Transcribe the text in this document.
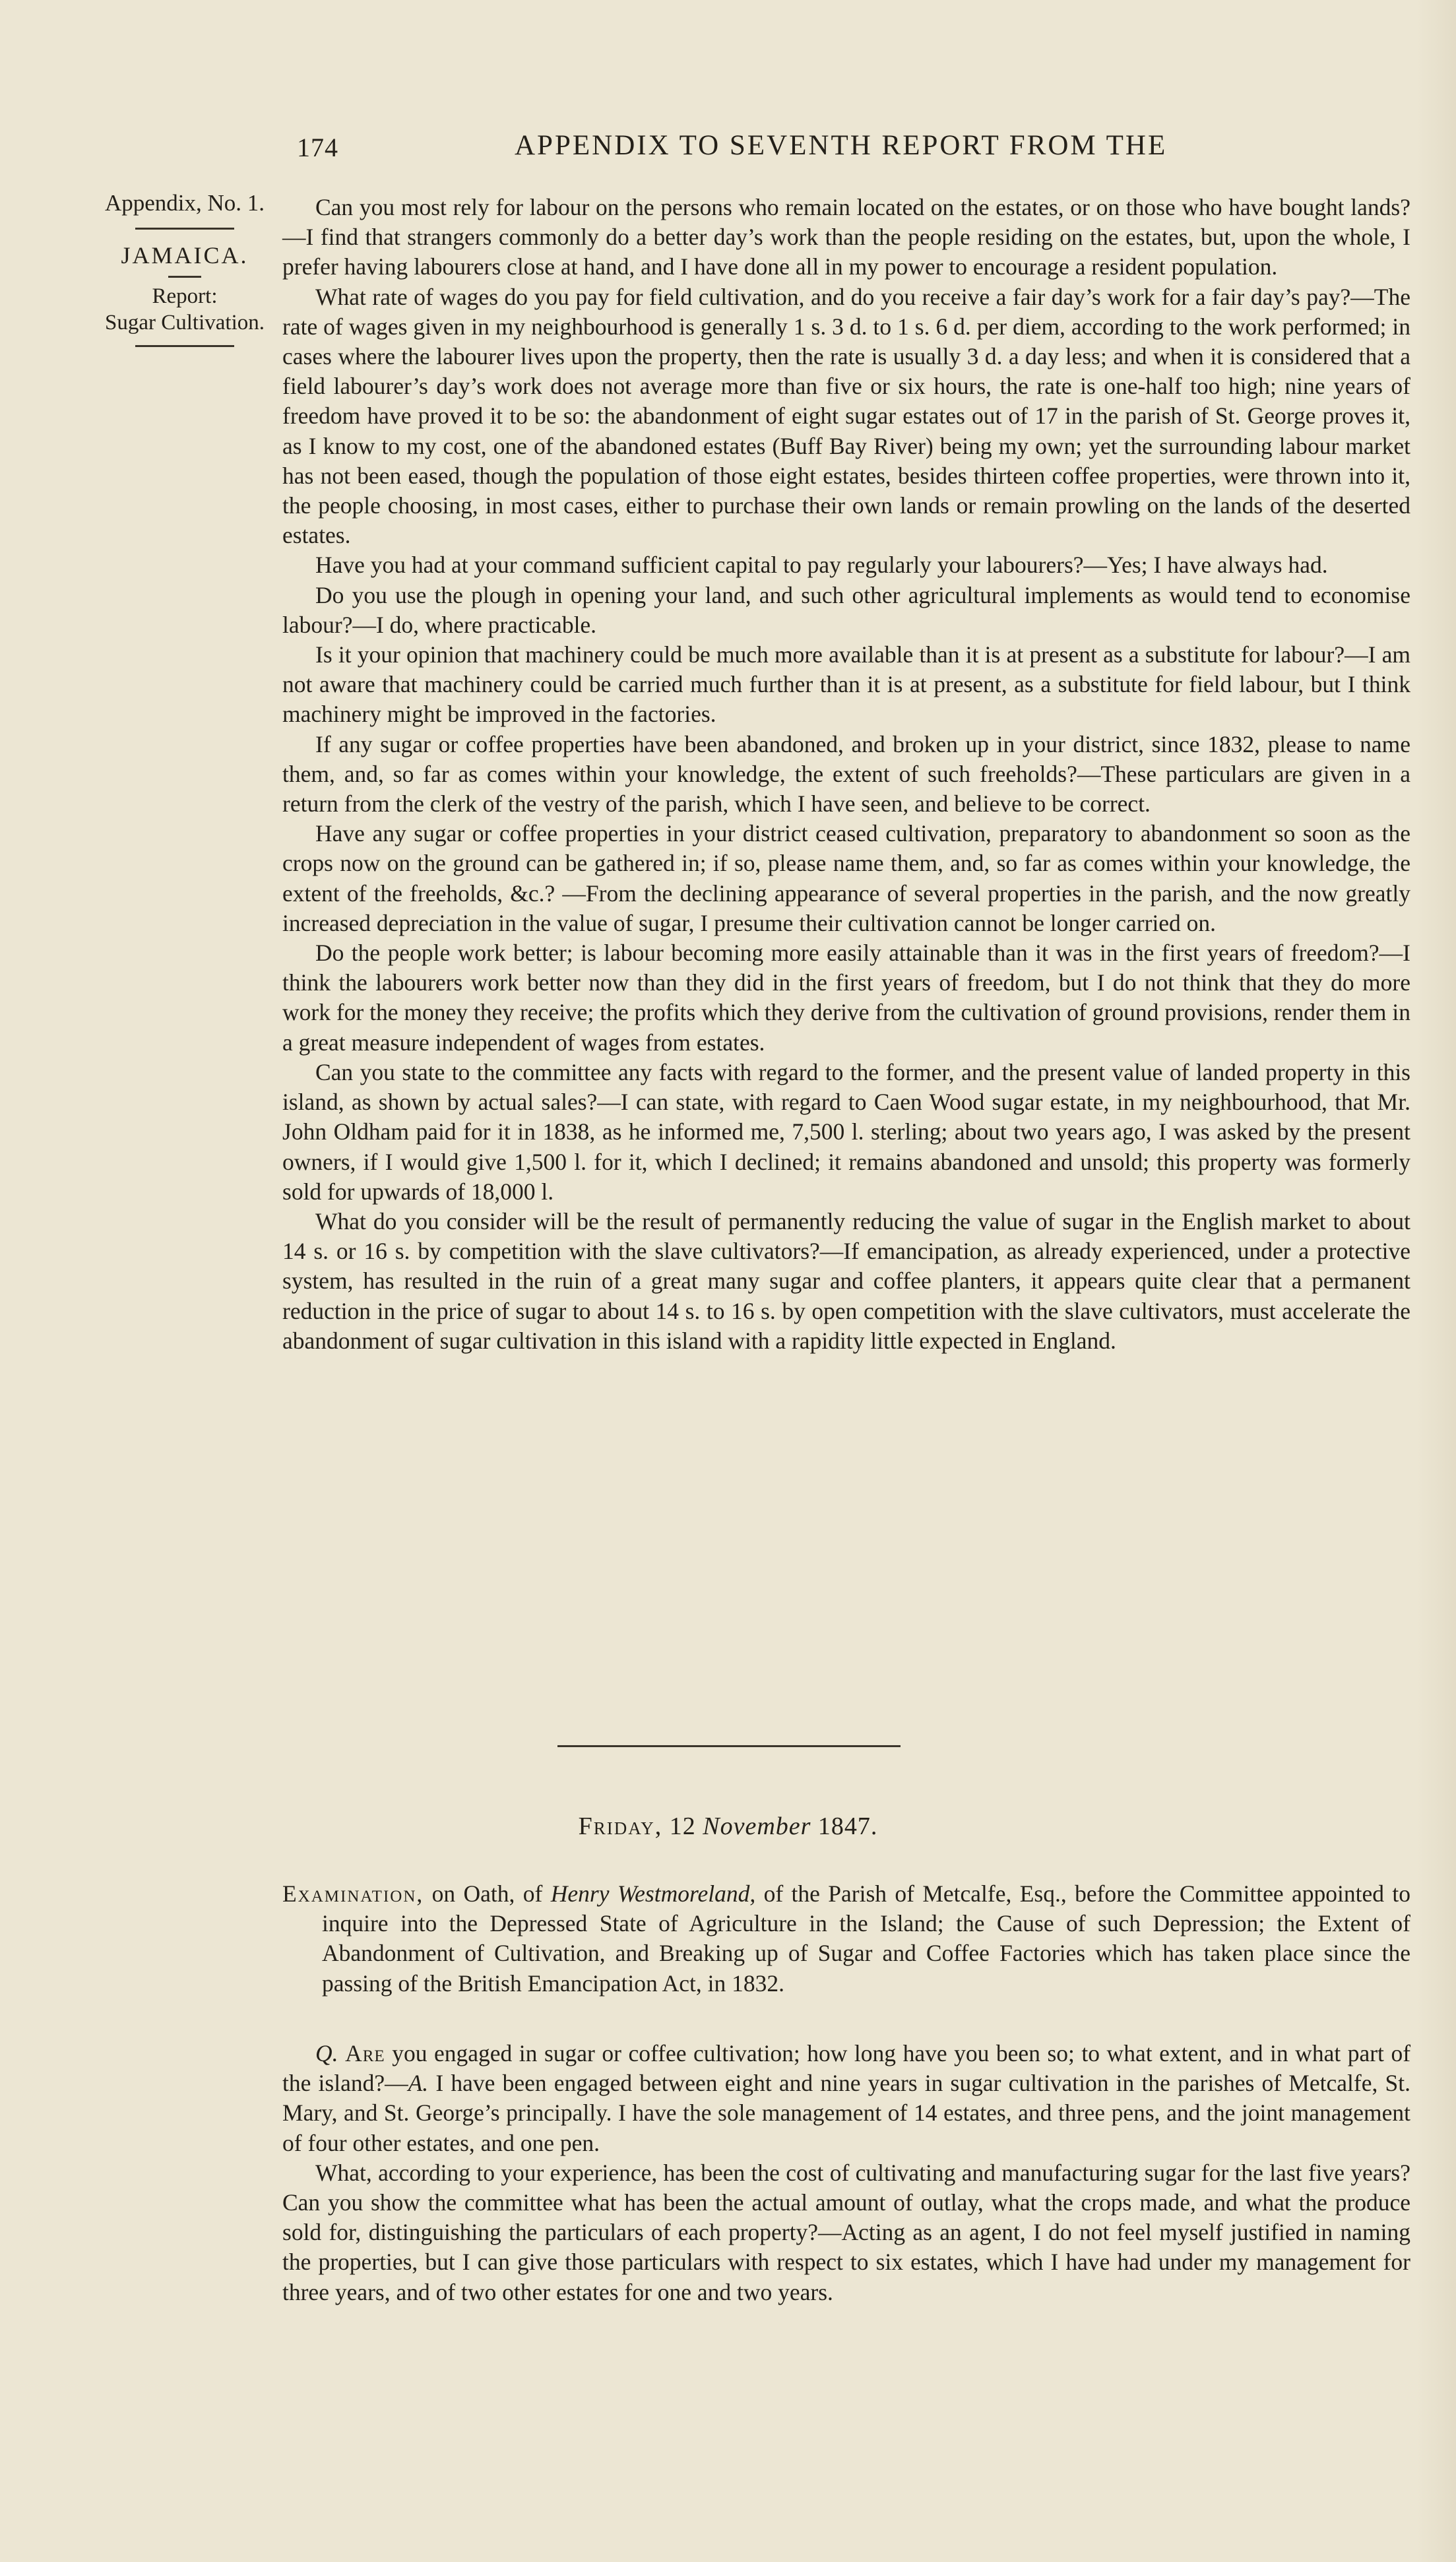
174	APPENDIX TO SEVENTH REPORT FROM THE
Appendix, No. 1.
JAMAICA.
Report:
Sugar Cultivation.

Can you most rely for labour on the persons who remain located on the estates, or on those who have bought lands?—I find that strangers commonly do a better day’s work than the people residing on the estates, but, upon the whole, I prefer having labourers close at hand, and I have done all in my power to encourage a resident population.

What rate of wages do you pay for field cultivation, and do you receive a fair day’s work for a fair day’s pay?—The rate of wages given in my neighbourhood is generally 1 s. 3 d. to 1 s. 6 d. per diem, according to the work performed; in cases where the labourer lives upon the property, then the rate is usually 3 d. a day less; and when it is considered that a field labourer’s day’s work does not average more than five or six hours, the rate is one-half too high; nine years of freedom have proved it to be so: the abandonment of eight sugar estates out of 17 in the parish of St. George proves it, as I know to my cost, one of the abandoned estates (Buff Bay River) being my own; yet the surrounding labour market has not been eased, though the population of those eight estates, besides thirteen coffee properties, were thrown into it, the people choosing, in most cases, either to purchase their own lands or remain prowling on the lands of the deserted estates.

Have you had at your command sufficient capital to pay regularly your labourers?—Yes; I have always had.

Do you use the plough in opening your land, and such other agricultural implements as would tend to economise labour?—I do, where practicable.

Is it your opinion that machinery could be much more available than it is at present as a substitute for labour?—I am not aware that machinery could be carried much further than it is at present, as a substitute for field labour, but I think machinery might be improved in the factories.

If any sugar or coffee properties have been abandoned, and broken up in your district, since 1832, please to name them, and, so far as comes within your knowledge, the extent of such freeholds?—These particulars are given in a return from the clerk of the vestry of the parish, which I have seen, and believe to be correct.

Have any sugar or coffee properties in your district ceased cultivation, preparatory to abandonment so soon as the crops now on the ground can be gathered in; if so, please name them, and, so far as comes within your knowledge, the extent of the freeholds, &c.? —From the declining appearance of several properties in the parish, and the now greatly increased depreciation in the value of sugar, I presume their cultivation cannot be longer carried on.

Do the people work better; is labour becoming more easily attainable than it was in the first years of freedom?—I think the labourers work better now than they did in the first years of freedom, but I do not think that they do more work for the money they receive; the profits which they derive from the cultivation of ground provisions, render them in a great measure independent of wages from estates.

Can you state to the committee any facts with regard to the former, and the present value of landed property in this island, as shown by actual sales?—I can state, with regard to Caen Wood sugar estate, in my neighbourhood, that Mr. John Oldham paid for it in 1838, as he informed me, 7,500 l. sterling; about two years ago, I was asked by the present owners, if I would give 1,500 l. for it, which I declined; it remains abandoned and unsold; this property was formerly sold for upwards of 18,000 l.

What do you consider will be the result of permanently reducing the value of sugar in the English market to about 14 s. or 16 s. by competition with the slave cultivators?—If emancipation, as already experienced, under a protective system, has resulted in the ruin of a great many sugar and coffee planters, it appears quite clear that a permanent reduction in the price of sugar to about 14 s. to 16 s. by open competition with the slave cultivators, must accelerate the abandonment of sugar cultivation in this island with a rapidity little expected in England.

Friday, 12 November 1847.

Examination, on Oath, of Henry Westmoreland, of the Parish of Metcalfe, Esq., before the Committee appointed to inquire into the Depressed State of Agriculture in the Island; the Cause of such Depression; the Extent of Abandonment of Cultivation, and Breaking up of Sugar and Coffee Factories which has taken place since the passing of the British Emancipation Act, in 1832.

Q. Are you engaged in sugar or coffee cultivation; how long have you been so; to what extent, and in what part of the island?—A. I have been engaged between eight and nine years in sugar cultivation in the parishes of Metcalfe, St. Mary, and St. George’s principally. I have the sole management of 14 estates, and three pens, and the joint management of four other estates, and one pen.

What, according to your experience, has been the cost of cultivating and manufacturing sugar for the last five years? Can you show the committee what has been the actual amount of outlay, what the crops made, and what the produce sold for, distinguishing the particulars of each property?—Acting as an agent, I do not feel myself justified in naming the properties, but I can give those particulars with respect to six estates, which I have had under my management for three years, and of two other estates for one and two years.
